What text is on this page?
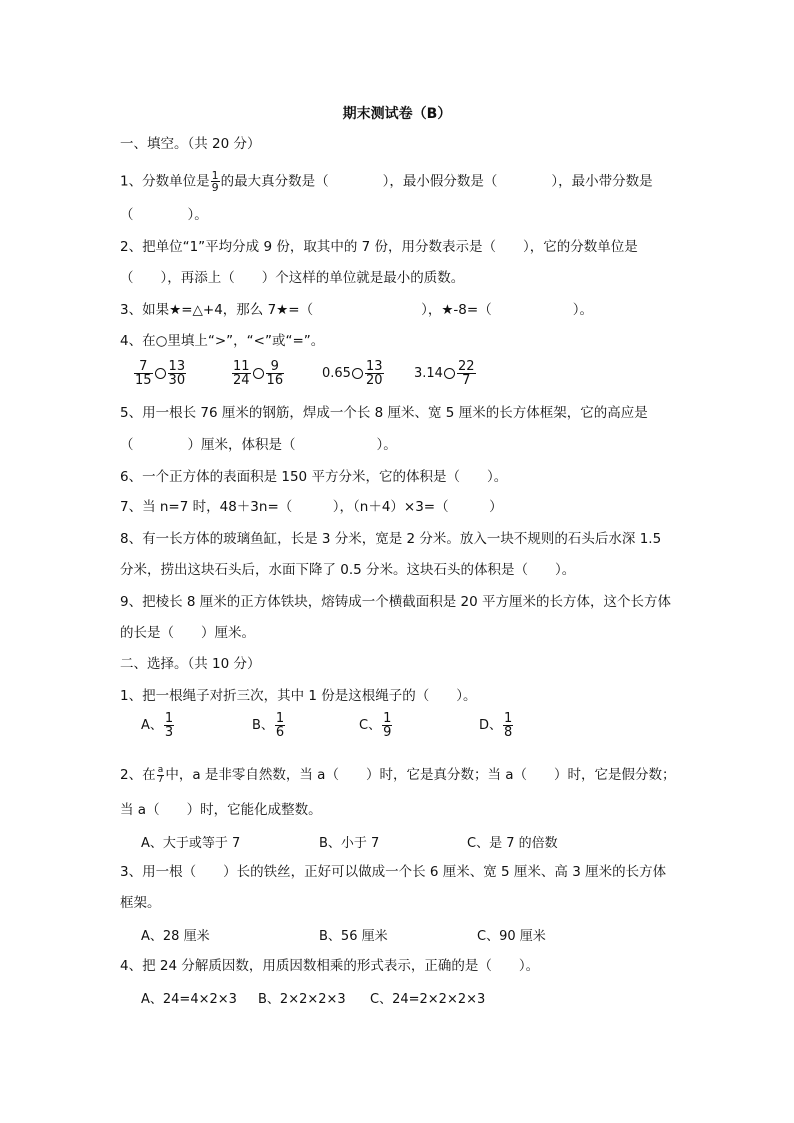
期末测试卷（B）
一、填空。（共 20 分）
1、分数单位是 $\frac{1}{9}$ 的最大真分数是（　　　　），最小假分数是（　　　　），最小带分数是
（　　　　）。
2、把单位“1”平均分成 9 份，取其中的 7 份，用分数表示是（　　），它的分数单位是
（　　），再添上（　　）个这样的单位就是最小的质数。
3、如果★=△+4，那么 7★=（　　　　　　　　），★-8=（　　　　　　）。
4、在○里填上“>”，“<”或“=”。
$\frac{7}{15} \frac{13}{30}$	$\frac{11}{24} \frac{9}{16}$	$0.65 \frac{13}{20} 3.14 \frac{22}{7}$
5、用一根长 76 厘米的钢筋，焊成一个长 8 厘米、宽 5 厘米的长方体框架，它的高应是
（　　　　）厘米，体积是（　　　　　　）。
6、一个正方体的表面积是 150 平方分米，它的体积是（　　）。
7、当 n=7 时，48＋3n=（　　　），（n＋4）×3=（　　　）
8、有一长方体的玻璃鱼缸，长是 3 分米，宽是 2 分米。放入一块不规则的石头后水深 1.5
分米，捞出这块石头后，水面下降了 0.5 分米。这块石头的体积是（　　）。
9、把棱长 8 厘米的正方体铁块，熔铸成一个横截面积是 20 平方厘米的长方体，这个长方体
的长是（　　）厘米。
二、选择。（共 10 分）
1、把一根绳子对折三次，其中 1 份是这根绳子的（　　）。
A、 $\frac{1}{3}$	B、 $\frac{1}{6}$	C、 $\frac{1}{9}$	D、 $\frac{1}{8}$
2、在 $\frac{a}{7}$ 中，a 是非零自然数，当 a（　　）时，它是真分数；当 a（　　）时，它是假分数；
当 a（　　）时，它能化成整数。
A、大于或等于 7	B、小于 7	C、是 7 的倍数
3、用一根（　　）长的铁丝，正好可以做成一个长 6 厘米、宽 5 厘米、高 3 厘米的长方体
框架。
A、28 厘米	B、56 厘米	C、90 厘米
4、把 24 分解质因数，用质因数相乘的形式表示，正确的是（　　）。
A、24=4×2×3 B、2×2×2×3 C、24=2×2×2×3
